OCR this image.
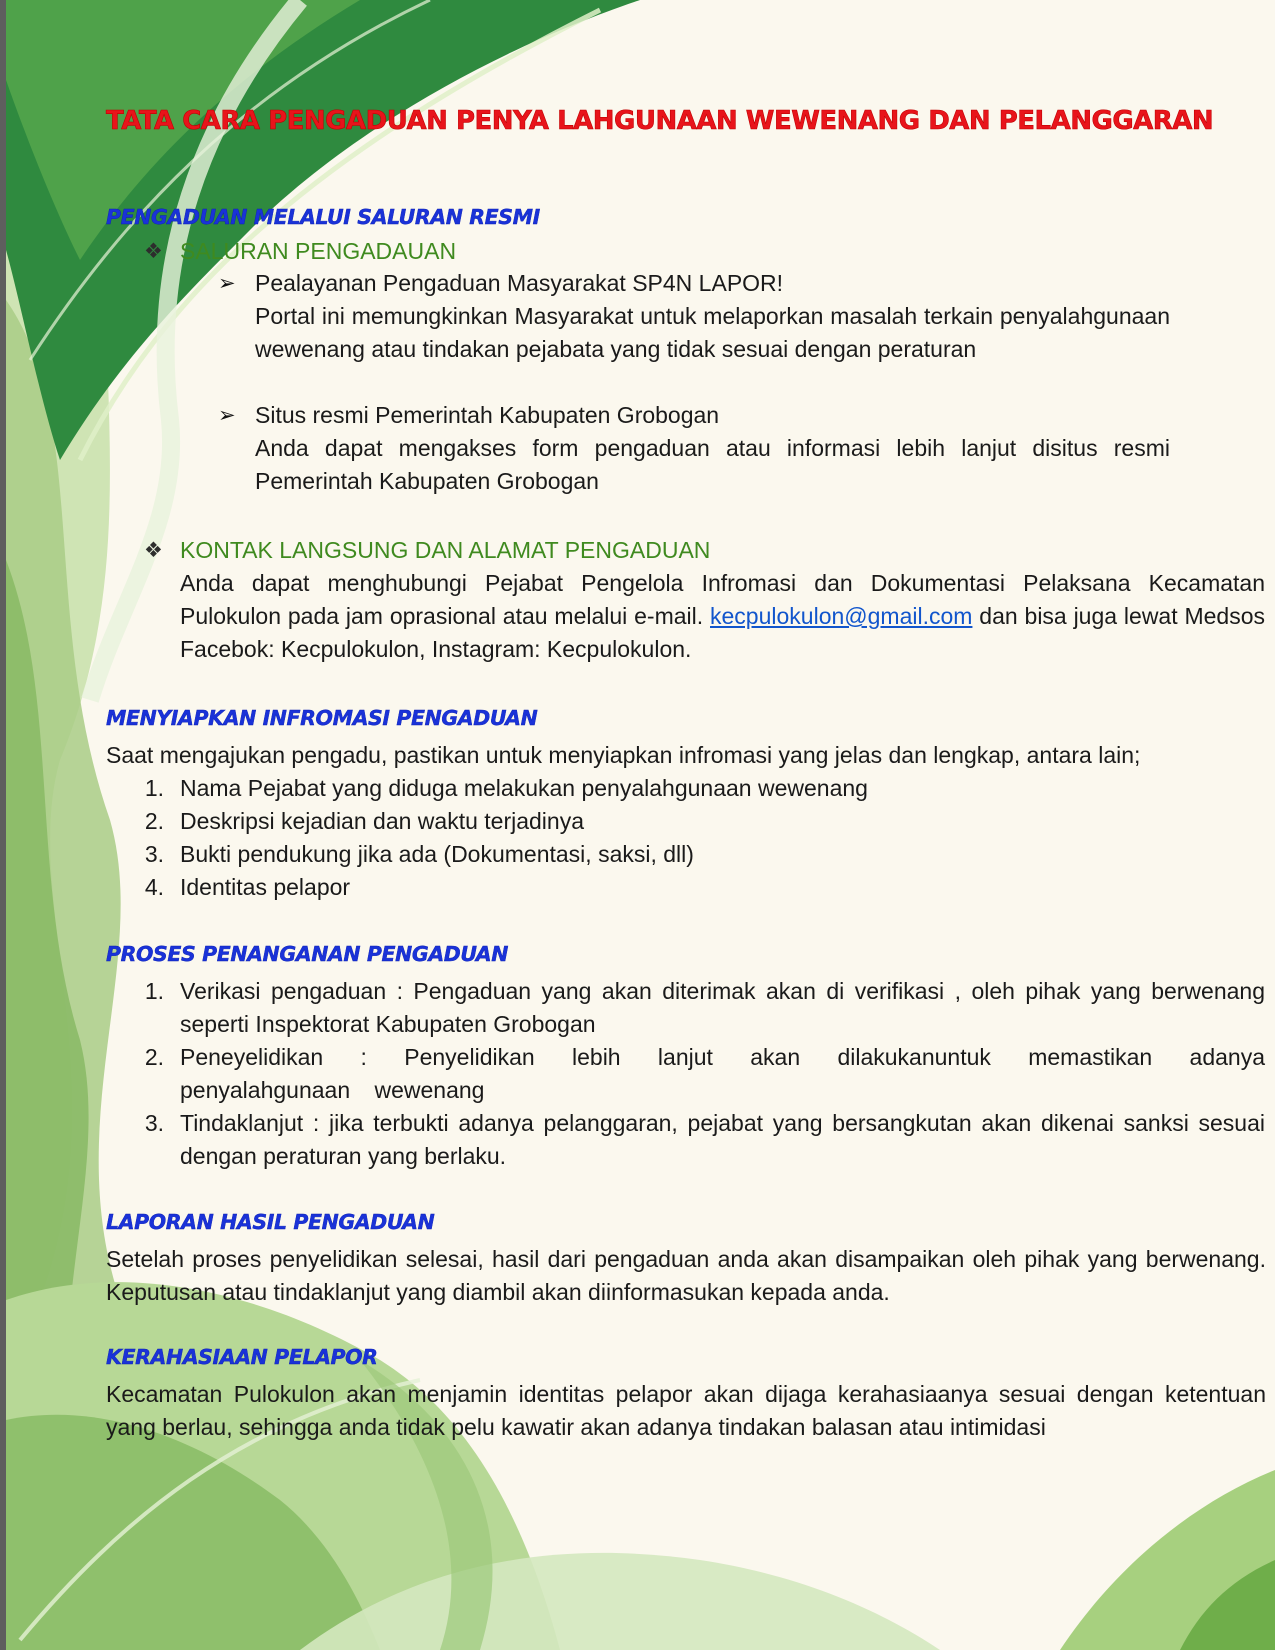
TATA CARA PENGADUAN PENYA LAHGUNAAN WEWENANG DAN PELANGGARAN
PENGADUAN MELALUI SALURAN RESMI
❖ SALURAN PENGADAUAN
➢ Pealayanan Pengaduan Masyarakat SP4N LAPOR!
Portal ini memungkinkan Masyarakat untuk melaporkan masalah terkain penyalahgunaan wewenang atau tindakan pejabata yang tidak sesuai dengan peraturan
➢ Situs resmi Pemerintah Kabupaten Grobogan
Anda dapat mengakses form pengaduan atau informasi lebih lanjut disitus resmi Pemerintah Kabupaten Grobogan
❖ KONTAK LANGSUNG DAN ALAMAT PENGADUAN
Anda dapat menghubungi Pejabat Pengelola Infromasi dan Dokumentasi Pelaksana Kecamatan Pulokulon pada jam oprasional atau melalui e-mail. kecpulokulon@gmail.com dan bisa juga lewat Medsos Facebok: Kecpulokulon, Instagram: Kecpulokulon.
MENYIAPKAN INFROMASI PENGADUAN
Saat mengajukan pengadu, pastikan untuk menyiapkan infromasi yang jelas dan lengkap, antara lain;
1. Nama Pejabat yang diduga melakukan penyalahgunaan wewenang
2. Deskripsi kejadian dan waktu terjadinya
3. Bukti pendukung jika ada (Dokumentasi, saksi, dll)
4. Identitas pelapor
PROSES PENANGANAN PENGADUAN
1. Verikasi pengaduan : Pengaduan yang akan diterimak akan di verifikasi , oleh pihak yang berwenang seperti Inspektorat Kabupaten Grobogan
2. Peneyelidikan : Penyelidikan lebih lanjut akan dilakukanuntuk memastikan adanya penyalahgunaan wewenang
3. Tindaklanjut : jika terbukti adanya pelanggaran, pejabat yang bersangkutan akan dikenai sanksi sesuai dengan peraturan yang berlaku.
LAPORAN HASIL PENGADUAN
Setelah proses penyelidikan selesai, hasil dari pengaduan anda akan disampaikan oleh pihak yang berwenang. Keputusan atau tindaklanjut yang diambil akan diinformasukan kepada anda.
KERAHASIAAN PELAPOR
Kecamatan Pulokulon akan menjamin identitas pelapor akan dijaga kerahasiaanya sesuai dengan ketentuan yang berlau, sehingga anda tidak pelu kawatir akan adanya tindakan balasan atau intimidasi
